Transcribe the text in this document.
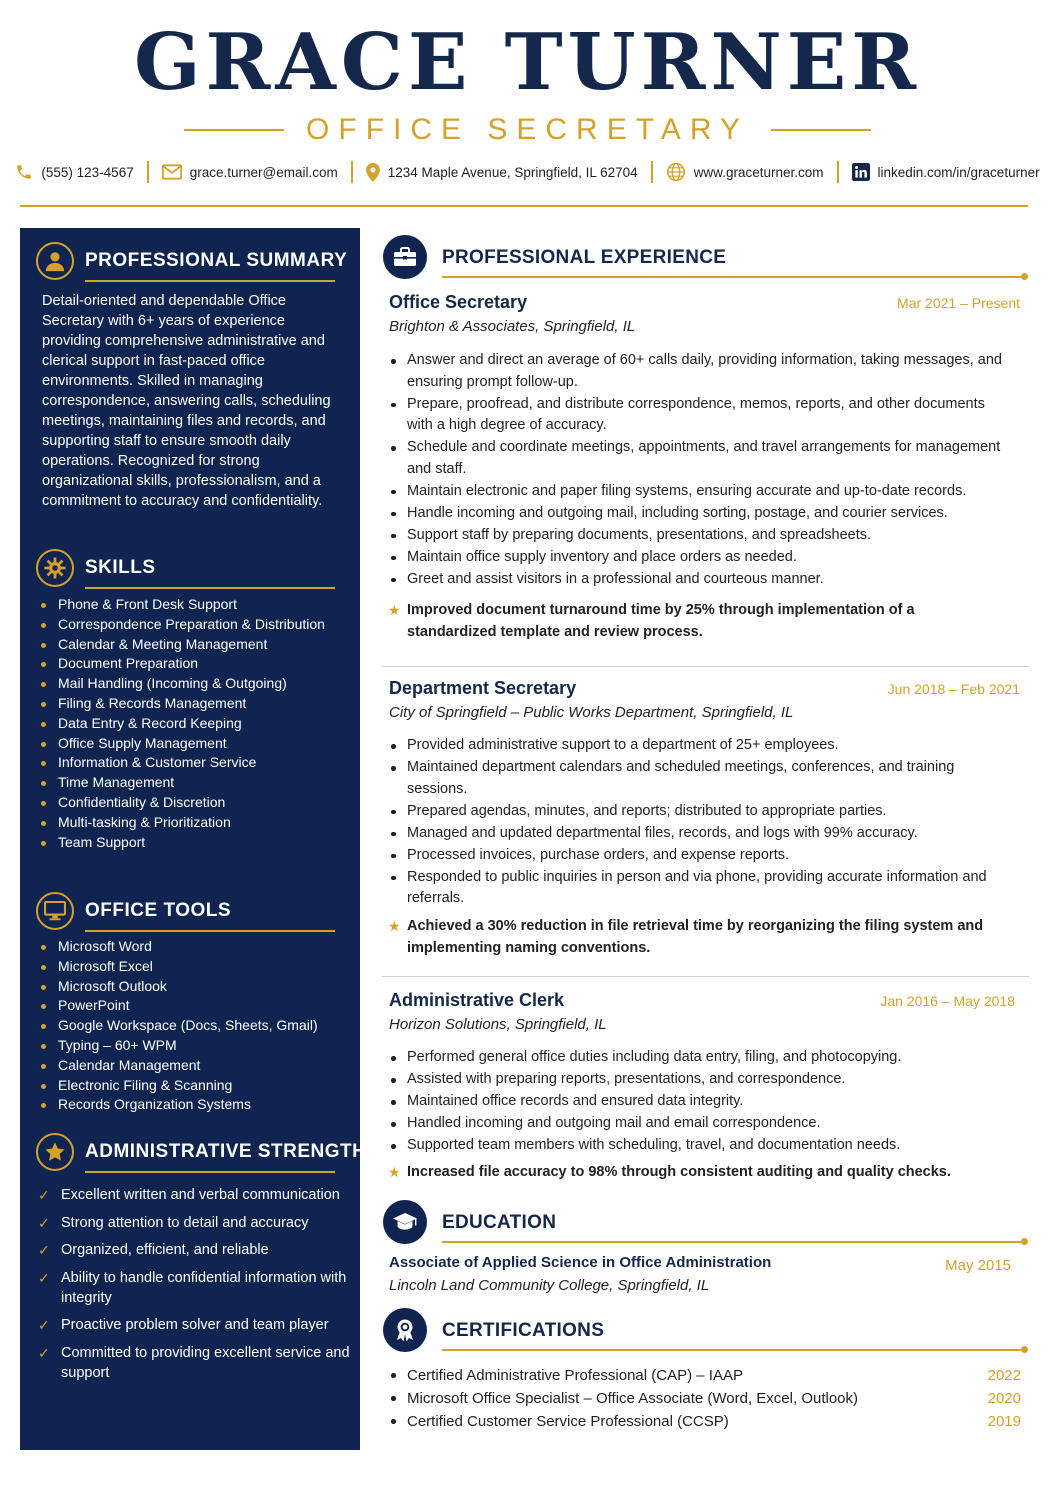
GRACE TURNER
OFFICE SECRETARY
(555) 123-4567	grace.turner@email.com	1234 Maple Avenue, Springfield, IL 62704	www.graceturner.com	linkedin.com/in/graceturner
PROFESSIONAL SUMMARY
Detail-oriented and dependable Office Secretary with 6+ years of experience providing comprehensive administrative and clerical support in fast-paced office environments. Skilled in managing correspondence, answering calls, scheduling meetings, maintaining files and records, and supporting staff to ensure smooth daily operations. Recognized for strong organizational skills, professionalism, and a commitment to accuracy and confidentiality.
SKILLS
Phone & Front Desk Support
Correspondence Preparation & Distribution
Calendar & Meeting Management
Document Preparation
Mail Handling (Incoming & Outgoing)
Filing & Records Management
Data Entry & Record Keeping
Office Supply Management
Information & Customer Service
Time Management
Confidentiality & Discretion
Multi-tasking & Prioritization
Team Support
OFFICE TOOLS
Microsoft Word
Microsoft Excel
Microsoft Outlook
PowerPoint
Google Workspace (Docs, Sheets, Gmail)
Typing – 60+ WPM
Calendar Management
Electronic Filing & Scanning
Records Organization Systems
ADMINISTRATIVE STRENGTHS
✓ Excellent written and verbal communication
✓ Strong attention to detail and accuracy
✓ Organized, efficient, and reliable
✓ Ability to handle confidential information with integrity
✓ Proactive problem solver and team player
✓ Committed to providing excellent service and support
PROFESSIONAL EXPERIENCE
Office Secretary	Mar 2021 – Present
Brighton & Associates, Springfield, IL
Answer and direct an average of 60+ calls daily, providing information, taking messages, and ensuring prompt follow-up.
Prepare, proofread, and distribute correspondence, memos, reports, and other documents with a high degree of accuracy.
Schedule and coordinate meetings, appointments, and travel arrangements for management and staff.
Maintain electronic and paper filing systems, ensuring accurate and up-to-date records.
Handle incoming and outgoing mail, including sorting, postage, and courier services.
Support staff by preparing documents, presentations, and spreadsheets.
Maintain office supply inventory and place orders as needed.
Greet and assist visitors in a professional and courteous manner.
★ Improved document turnaround time by 25% through implementation of a standardized template and review process.
Department Secretary	Jun 2018 – Feb 2021
City of Springfield – Public Works Department, Springfield, IL
Provided administrative support to a department of 25+ employees.
Maintained department calendars and scheduled meetings, conferences, and training sessions.
Prepared agendas, minutes, and reports; distributed to appropriate parties.
Managed and updated departmental files, records, and logs with 99% accuracy.
Processed invoices, purchase orders, and expense reports.
Responded to public inquiries in person and via phone, providing accurate information and referrals.
★ Achieved a 30% reduction in file retrieval time by reorganizing the filing system and implementing naming conventions.
Administrative Clerk	Jan 2016 – May 2018
Horizon Solutions, Springfield, IL
Performed general office duties including data entry, filing, and photocopying.
Assisted with preparing reports, presentations, and correspondence.
Maintained office records and ensured data integrity.
Handled incoming and outgoing mail and email correspondence.
Supported team members with scheduling, travel, and documentation needs.
★ Increased file accuracy to 98% through consistent auditing and quality checks.
EDUCATION
Associate of Applied Science in Office Administration	May 2015
Lincoln Land Community College, Springfield, IL
CERTIFICATIONS
Certified Administrative Professional (CAP) – IAAP	2022
Microsoft Office Specialist – Office Associate (Word, Excel, Outlook)	2020
Certified Customer Service Professional (CCSP)	2019
